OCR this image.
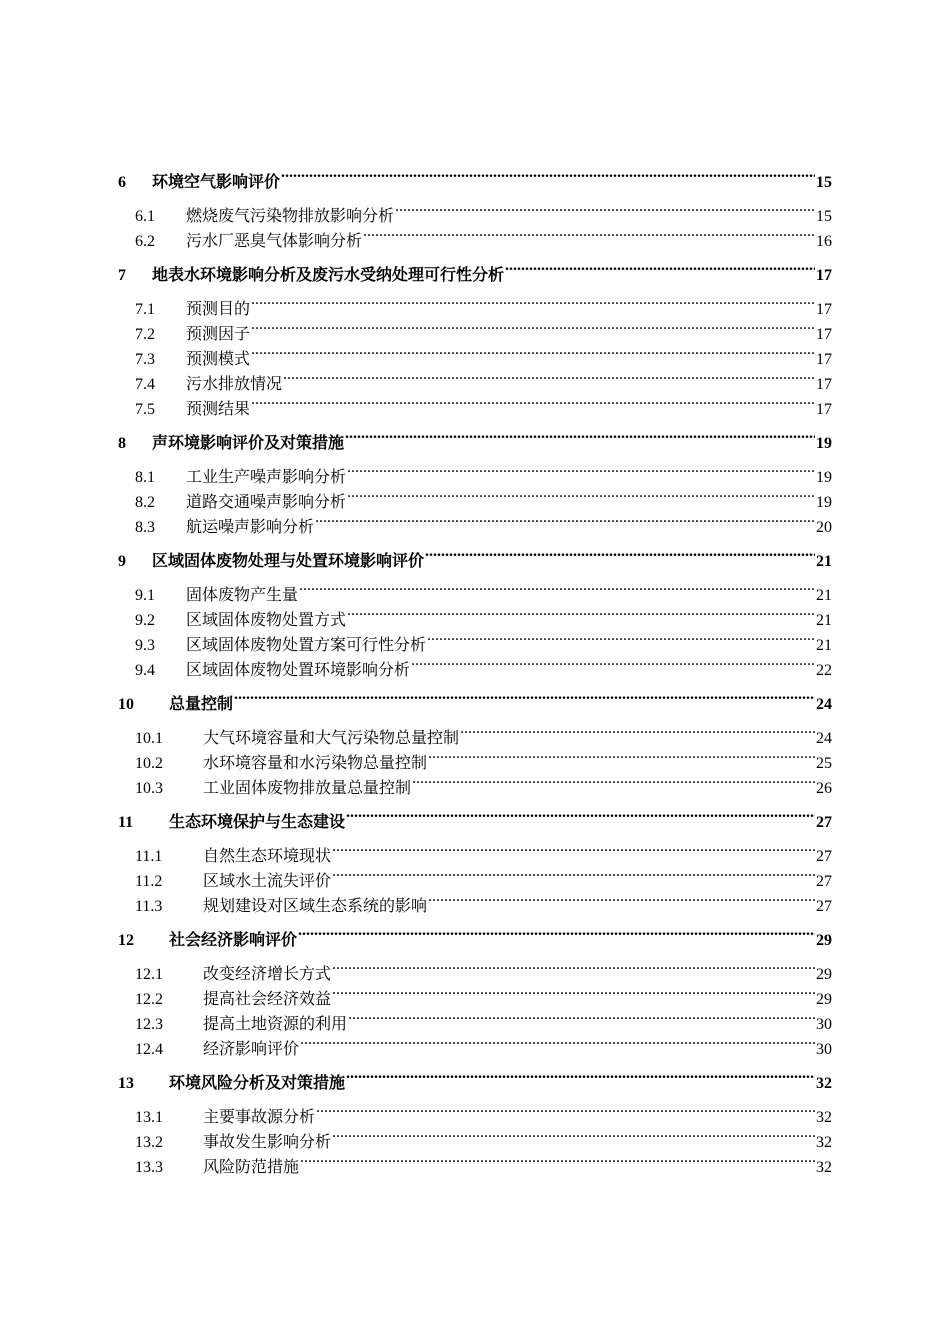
6	环境空气影响评价 .....	15
6.1	燃烧废气污染物排放影响分析 .....	15
6.2	污水厂恶臭气体影响分析 .....	16
7	地表水环境影响分析及废污水受纳处理可行性分析 .....	17
7.1	预测目的 .....	17
7.2	预测因子 .....	17
7.3	预测模式 .....	17
7.4	污水排放情况 .....	17
7.5	预测结果 .....	17
8	声环境影响评价及对策措施 .....	19
8.1	工业生产噪声影响分析 .....	19
8.2	道路交通噪声影响分析 .....	19
8.3	航运噪声影响分析 .....	20
9	区域固体废物处理与处置环境影响评价 .....	21
9.1	固体废物产生量 .....	21
9.2	区域固体废物处置方式 .....	21
9.3	区域固体废物处置方案可行性分析 .....	21
9.4	区域固体废物处置环境影响分析 .....	22
10	总量控制 .....	24
10.1	大气环境容量和大气污染物总量控制 .....	24
10.2	水环境容量和水污染物总量控制 .....	25
10.3	工业固体废物排放量总量控制 .....	26
11	生态环境保护与生态建设 .....	27
11.1	自然生态环境现状 .....	27
11.2	区域水土流失评价 .....	27
11.3	规划建设对区域生态系统的影响 .....	27
12	社会经济影响评价 .....	29
12.1	改变经济增长方式 .....	29
12.2	提高社会经济效益 .....	29
12.3	提高土地资源的利用 .....	30
12.4	经济影响评价 .....	30
13	环境风险分析及对策措施 .....	32
13.1	主要事故源分析 .....	32
13.2	事故发生影响分析 .....	32
13.3	风险防范措施 .....	32
